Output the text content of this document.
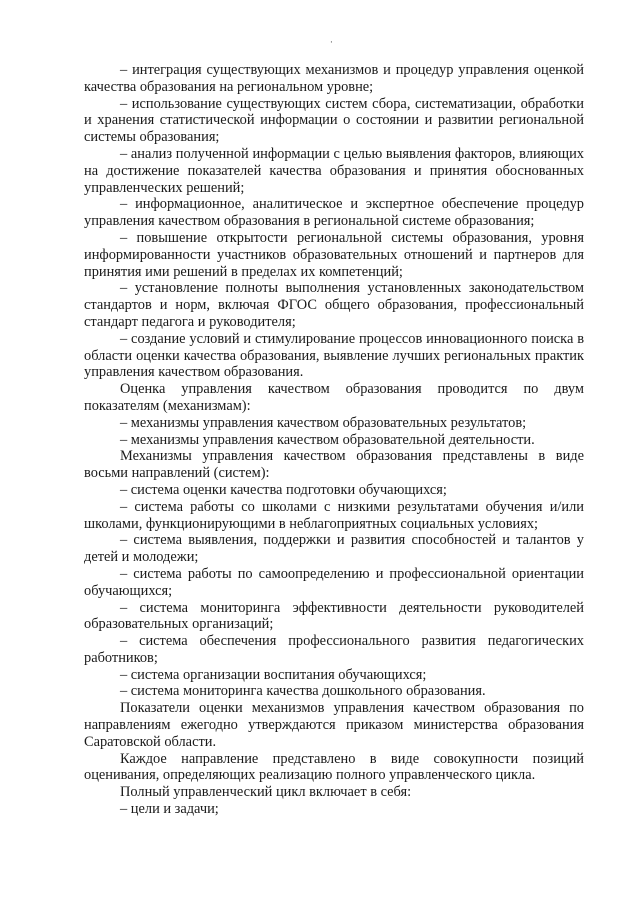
·

– интеграция существующих механизмов и процедур управления оценкой качества образования на региональном уровне;

– использование существующих систем сбора, систематизации, обработки и хранения статистической информации о состоянии и развитии региональной системы образования;

– анализ полученной информации с целью выявления факторов, влияющих на достижение показателей качества образования и принятия обоснованных управленческих решений;

– информационное, аналитическое и экспертное обеспечение процедур управления качеством образования в региональной системе образования;

– повышение открытости региональной системы образования, уровня информированности участников образовательных отношений и партнеров для принятия ими решений в пределах их компетенций;

– установление полноты выполнения установленных законодательством стандартов и норм, включая ФГОС общего образования, профессиональный стандарт педагога и руководителя;

– создание условий и стимулирование процессов инновационного поиска в области оценки качества образования, выявление лучших региональных практик управления качеством образования.

Оценка управления качеством образования проводится по двум показателям (механизмам):

– механизмы управления качеством образовательных результатов;

– механизмы управления качеством образовательной деятельности.

Механизмы управления качеством образования представлены в виде восьми направлений (систем):

– система оценки качества подготовки обучающихся;

– система работы со школами с низкими результатами обучения и/или школами, функционирующими в неблагоприятных социальных условиях;

– система выявления, поддержки и развития способностей и талантов у детей и молодежи;

– система работы по самоопределению и профессиональной ориентации обучающихся;

– система мониторинга эффективности деятельности руководителей образовательных организаций;

– система обеспечения профессионального развития педагогических работников;

– система организации воспитания обучающихся;

– система мониторинга качества дошкольного образования.

Показатели оценки механизмов управления качеством образования по направлениям ежегодно утверждаются приказом министерства образования Саратовской области.

Каждое направление представлено в виде совокупности позиций оценивания, определяющих реализацию полного управленческого цикла.

Полный управленческий цикл включает в себя:

– цели и задачи;
